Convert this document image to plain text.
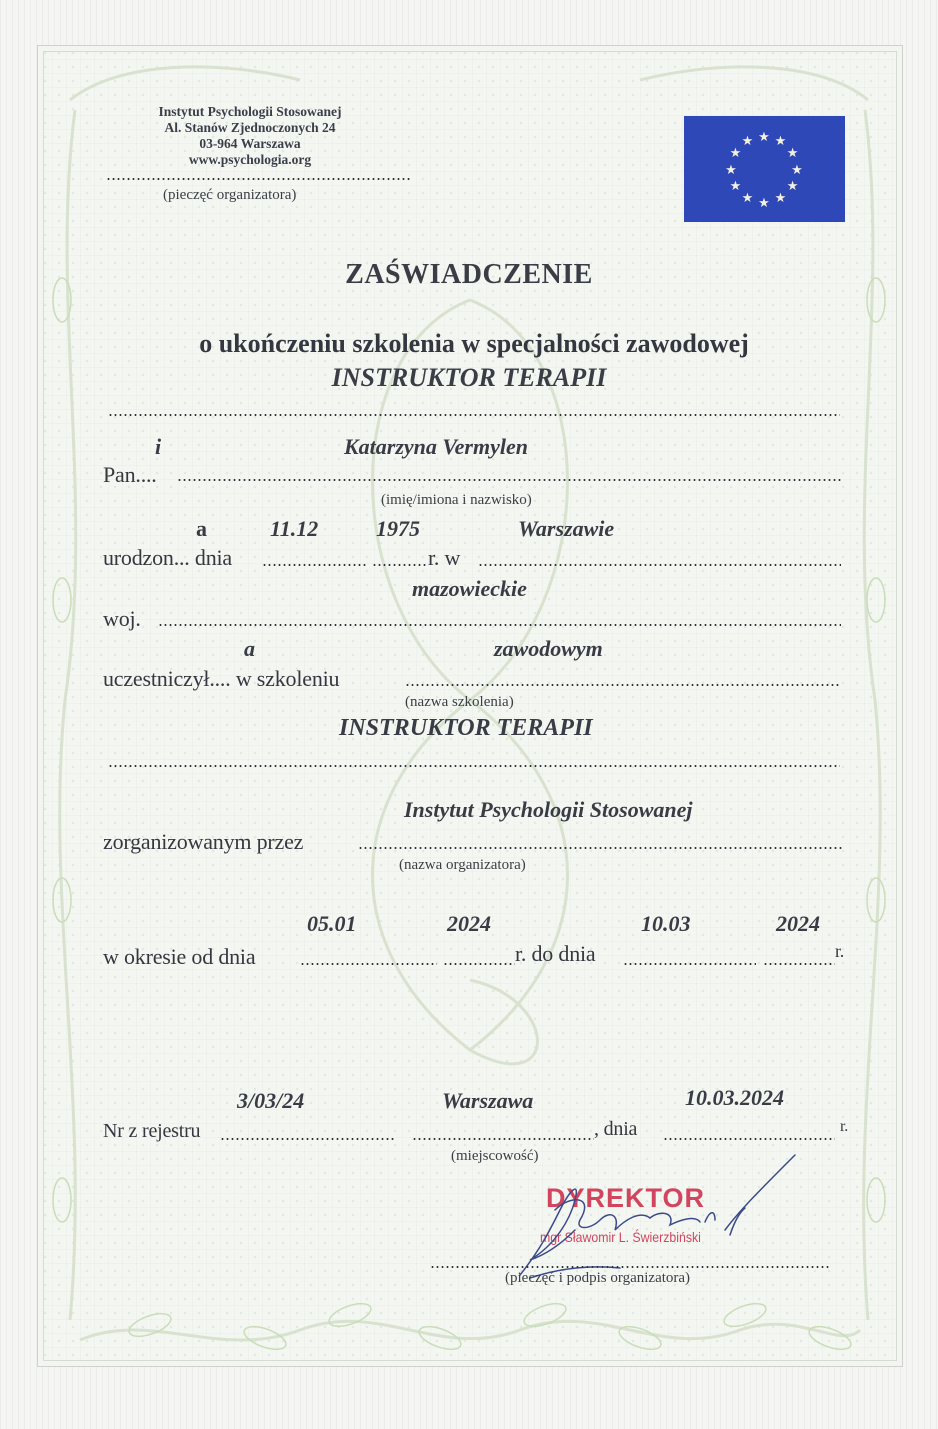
Instytut Psychologii Stosowanej
Al. Stanów Zjednoczonych 24
03-964 Warszawa
www.psychologia.org
(pieczęć organizatora)
★ ★
★
★
★
★
★
★
★
★
★
★
ZAŚWIADCZENIE
o ukończeniu szkolenia w specjalności zawodowej
INSTRUKTOR TERAPII
i	Katarzyna Vermylen
Pan....
(imię/imiona i nazwisko)
a	11.12	1975	Warszawie
urodzon... dnia	r. w
mazowieckie
woj.
a	zawodowym
uczestniczył.... w szkoleniu
(nazwa szkolenia)
INSTRUKTOR TERAPII
Instytut Psychologii Stosowanej
zorganizowanym przez
(nazwa organizatora)
05.01	2024	10.03	2024
w okresie od dnia	r. do dnia	r.
3/03/24	Warszawa	10.03.2024
Nr z rejestru	, dnia	r.
(miejscowość)
DYREKTOR
mgr Sławomir L. Świerzbiński
(pieczęć i podpis organizatora)
